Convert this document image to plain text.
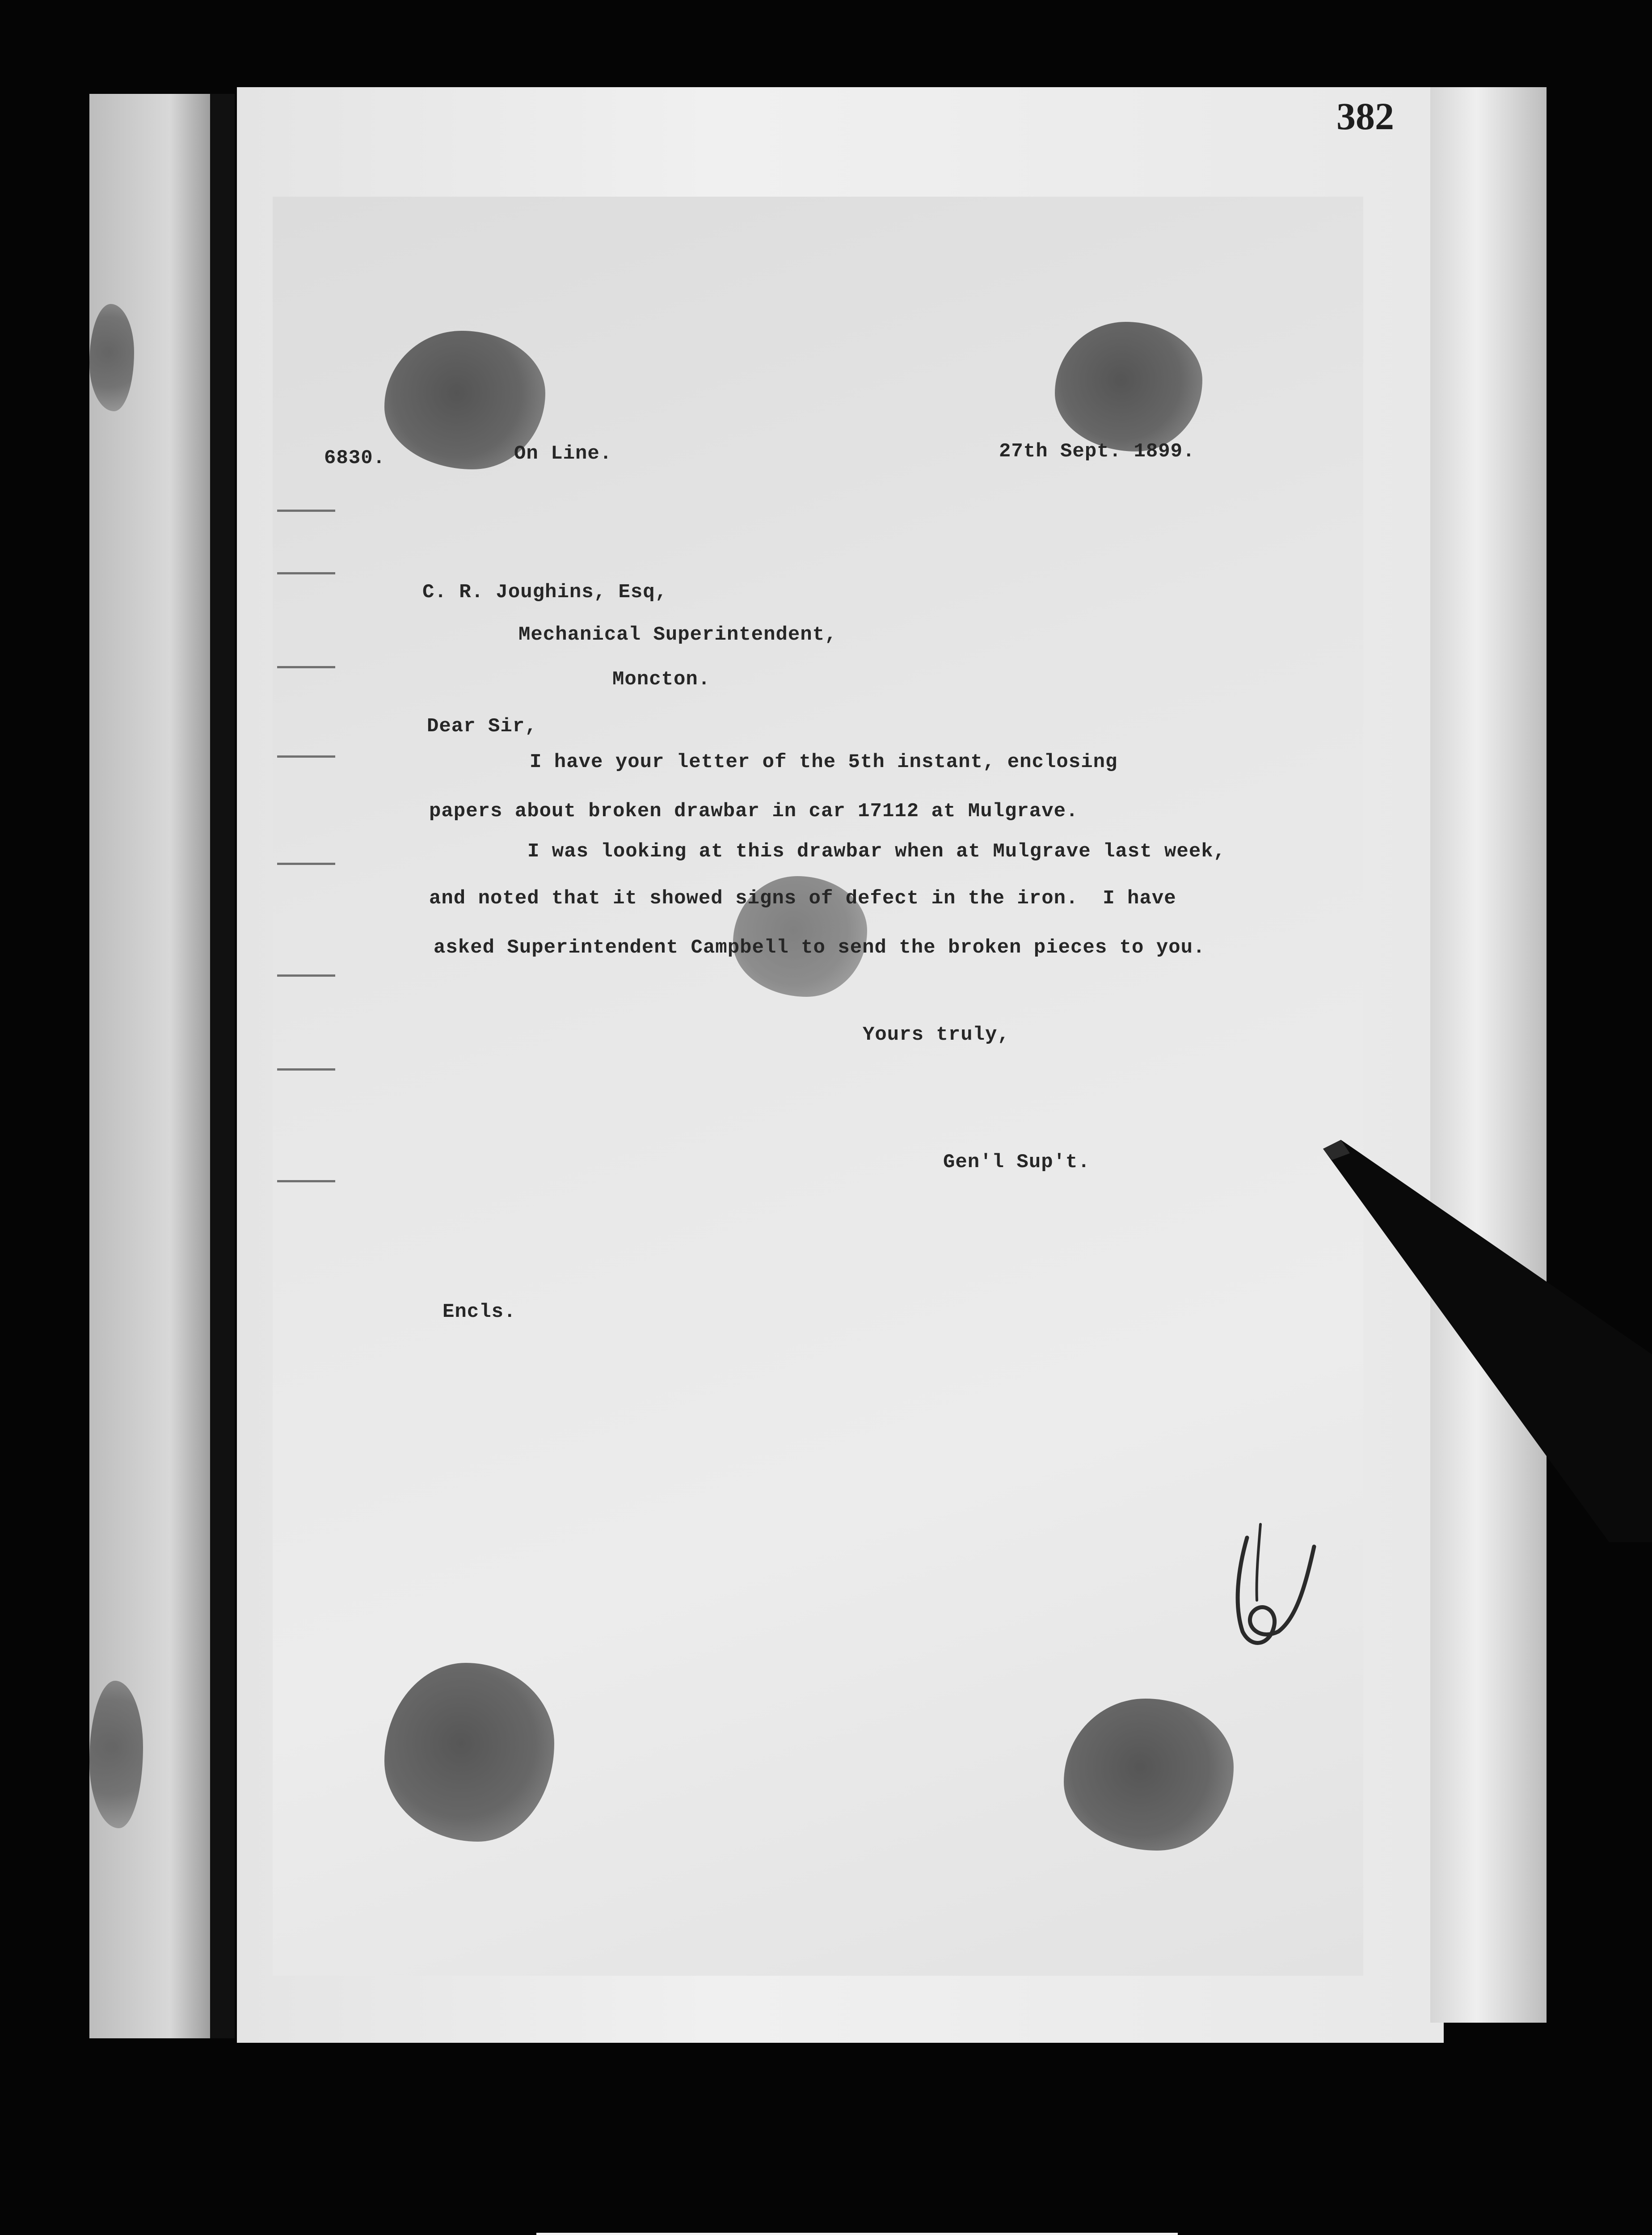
382
6830.	On Line.	27th Sept. 1899.
C. R. Joughins, Esq,
Mechanical Superintendent,
Moncton.
Dear Sir,
I have your letter of the 5th instant, enclosing
papers about broken drawbar in car 17112 at Mulgrave.
I was looking at this drawbar when at Mulgrave last week,
and noted that it showed signs of defect in the iron.  I have
asked Superintendent Campbell to send the broken pieces to you.
Yours truly,
Gen'l Sup't.
Encls.
